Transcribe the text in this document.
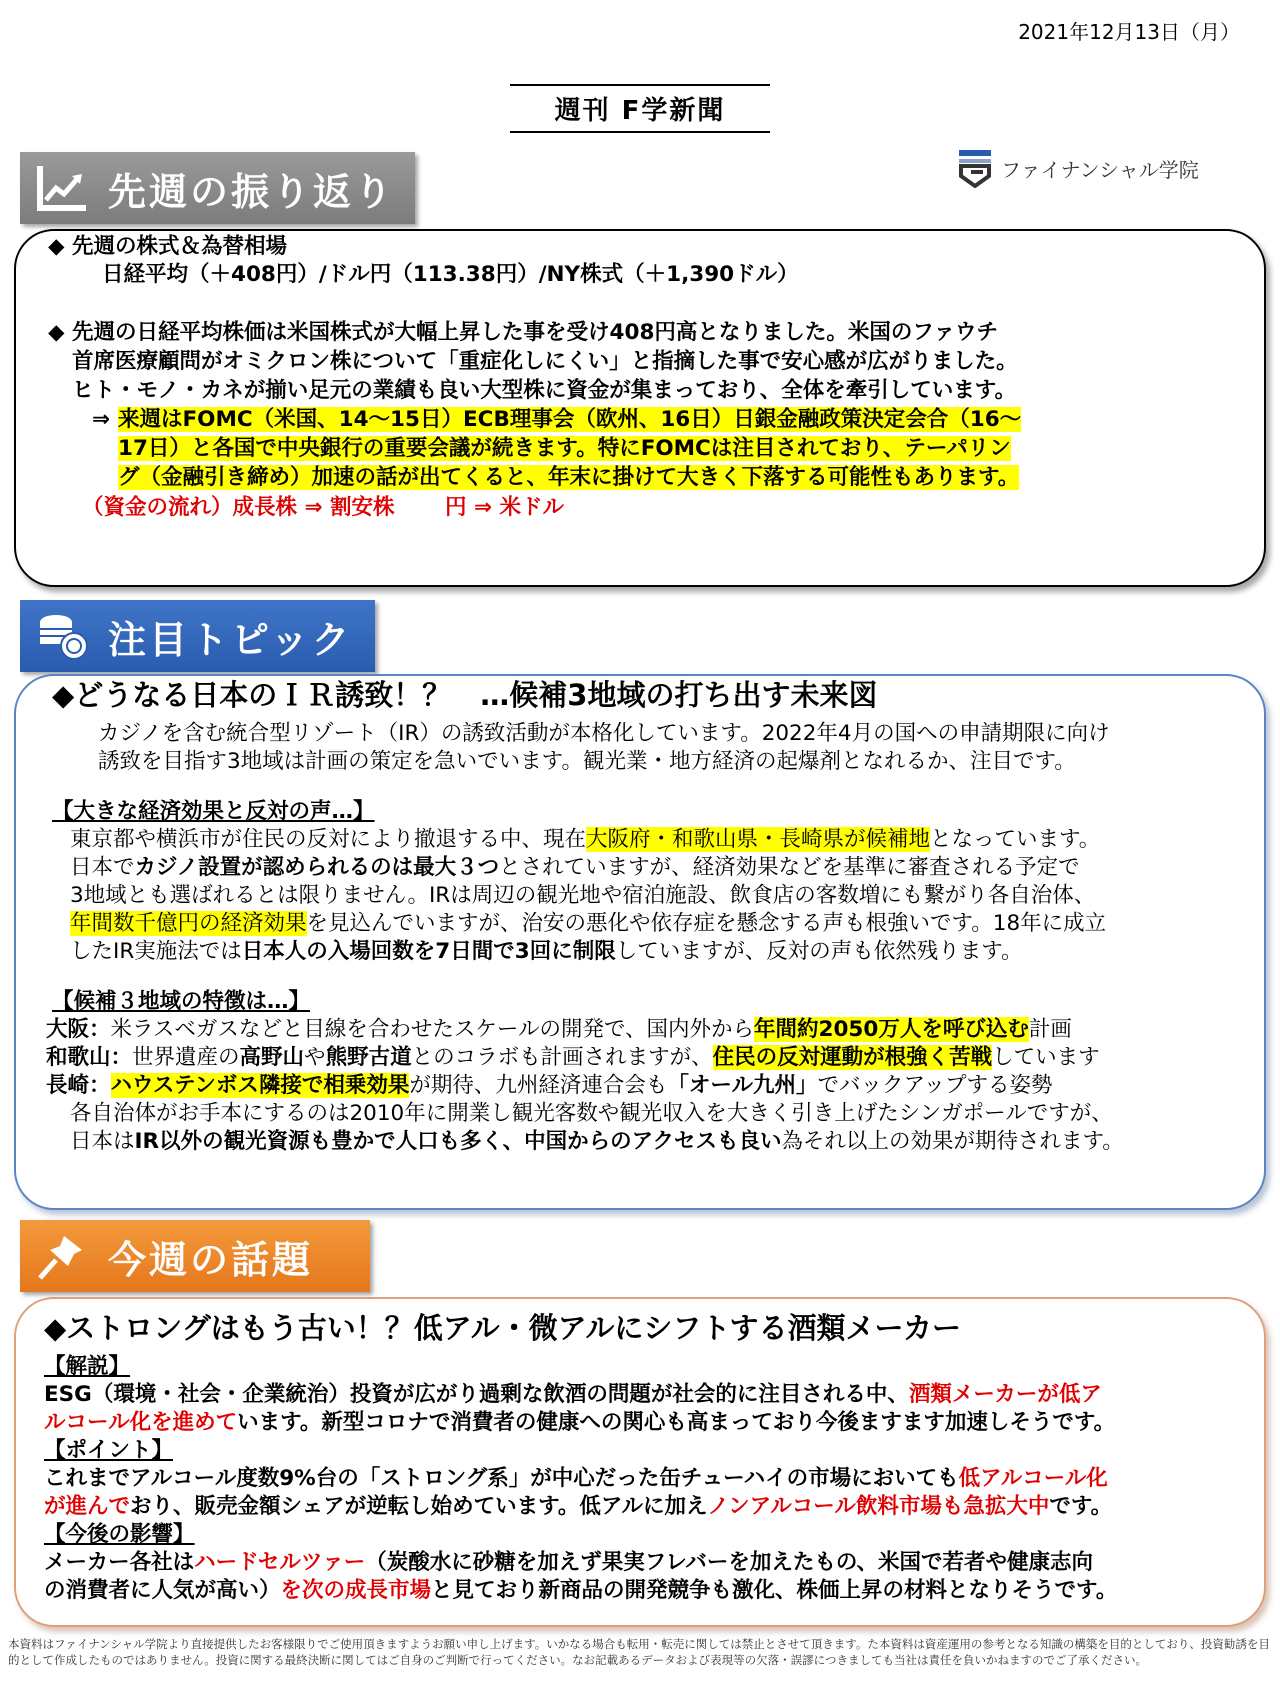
2021年12月13日（月）
週刊 F学新聞
ファイナンシャル学院
先週の振り返り
◆ 先週の株式＆為替相場
日経平均（＋408円）/ドル円（113.38円）/NY株式（＋1,390ドル）
◆ 先週の日経平均株価は米国株式が大幅上昇した事を受け408円高となりました。米国のファウチ
首席医療顧問がオミクロン株について「重症化しにくい」と指摘した事で安心感が広がりました。
ヒト・モノ・カネが揃い足元の業績も良い大型株に資金が集まっており、全体を牽引しています。
⇒ 来週はFOMC（米国、14～15日）ECB理事会（欧州、16日）日銀金融政策決定会合（16～
17日）と各国で中央銀行の重要会議が続きます。特にFOMCは注目されており、テーパリン
グ（金融引き締め）加速の話が出てくると、年末に掛けて大きく下落する可能性もあります。
（資金の流れ）成長株 ⇒ 割安株　　 円 ⇒ 米ドル
注目トピック
◆どうなる日本のＩＲ誘致！？　…候補3地域の打ち出す未来図
カジノを含む統合型リゾート（IR）の誘致活動が本格化しています。2022年4月の国への申請期限に向け
誘致を目指す3地域は計画の策定を急いでいます。観光業・地方経済の起爆剤となれるか、注目です。
【大きな経済効果と反対の声…】
東京都や横浜市が住民の反対により撤退する中、現在大阪府・和歌山県・長崎県が候補地となっています。
日本でカジノ設置が認められるのは最大３つとされていますが、経済効果などを基準に審査される予定で
3地域とも選ばれるとは限りません。IRは周辺の観光地や宿泊施設、飲食店の客数増にも繋がり各自治体、
年間数千億円の経済効果を見込んでいますが、治安の悪化や依存症を懸念する声も根強いです。18年に成立
したIR実施法では日本人の入場回数を7日間で3回に制限していますが、反対の声も依然残ります。
【候補３地域の特徴は…】
大阪：米ラスベガスなどと目線を合わせたスケールの開発で、国内外から年間約2050万人を呼び込む計画
和歌山：世界遺産の高野山や熊野古道とのコラボも計画されますが、住民の反対運動が根強く苦戦しています
長崎：ハウステンボス隣接で相乗効果が期待、九州経済連合会も「オール九州」でバックアップする姿勢
各自治体がお手本にするのは2010年に開業し観光客数や観光収入を大きく引き上げたシンガポールですが、
日本はIR以外の観光資源も豊かで人口も多く、中国からのアクセスも良い為それ以上の効果が期待されます。
今週の話題
◆ストロングはもう古い！？低アル・微アルにシフトする酒類メーカー
【解説】
ESG（環境・社会・企業統治）投資が広がり過剰な飲酒の問題が社会的に注目される中、酒類メーカーが低ア
ルコール化を進めています。新型コロナで消費者の健康への関心も高まっており今後ますます加速しそうです。
【ポイント】
これまでアルコール度数9%台の「ストロング系」が中心だった缶チューハイの市場においても低アルコール化
が進んでおり、販売金額シェアが逆転し始めています。低アルに加えノンアルコール飲料市場も急拡大中です。
【今後の影響】
メーカー各社はハードセルツァー（炭酸水に砂糖を加えず果実フレバーを加えたもの、米国で若者や健康志向
の消費者に人気が高い）を次の成長市場と見ており新商品の開発競争も激化、株価上昇の材料となりそうです。
本資料はファイナンシャル学院より直接提供したお客様限りでご使用頂きますようお願い申し上げます。いかなる場合も転用・転売に関しては禁止とさせて頂きます。た本資料は資産運用の参考となる知識の構築を目的としており、投資勧誘を目的として作成したものではありません。投資に関する最終決断に関してはご自身のご判断で行ってください。なお記載あるデータおよび表現等の欠落・誤謬につきましても当社は責任を負いかねますのでご了承ください。
